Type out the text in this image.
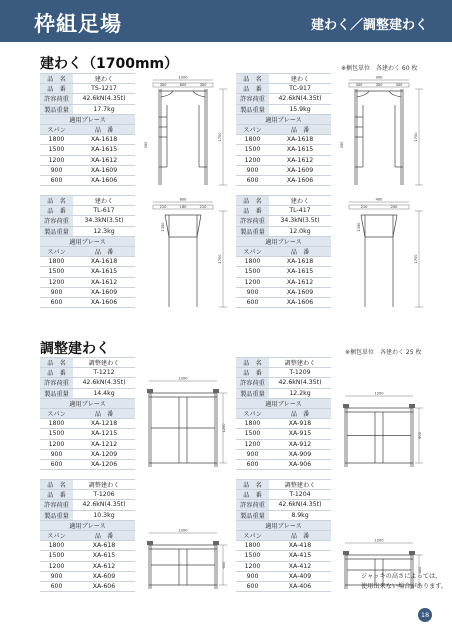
枠組足場	建わく／調整建わく
建わく（1700mm）	※梱包単位　各建わく 60 枚
調整建わく	※梱包単位　各建わく 25 枚
品　名	建わく
品　番	TS-1217
許容荷重	42.6kN(4.35t)
製品重量	17.7kg
適用ブレース	
スパン	品　番
1800	XA-1618
1500	XA-1615
1200	XA-1612
900	XA-1609
600	XA-1606
1200
300	600	300
1700
350
品　名	建わく
品　番	TC-917
許容荷重	42.6kN(4.35t)
製品重量	15.9kg
適用ブレース	
スパン	品　番
1800	XA-1618
1500	XA-1615
1200	XA-1612
900	XA-1609
600	XA-1606
900
300	300	300
1700
350
品　名	建わく
品　番	TL-617
許容荷重	34.3kN(3.5t)
製品重量	12.3kg
適用ブレース	
スパン	品　番
1800	XA-1618
1500	XA-1615
1200	XA-1612
900	XA-1609
600	XA-1606
600
210	180	210
1700
1350
品　名	建わく
品　番	TL-417
許容荷重	34.3kN(3.5t)
製品重量	12.0kg
適用ブレース	
スパン	品　番
1800	XA-1618
1500	XA-1615
1200	XA-1612
900	XA-1609
600	XA-1606
400
210	200
1700
1350
品　名	調整建わく
品　番	T-1212
許容荷重	42.6kN(4.35t)
製品重量	14.4kg
適用ブレース	
スパン	品　番
1800	XA-1218
1500	XA-1215
1200	XA-1212
900	XA-1209
600	XA-1206
1200
1200
品　名	調整建わく
品　番	T-1209
許容荷重	42.6kN(4.35t)
製品重量	12.2kg
適用ブレース	
スパン	品　番
1800	XA-918
1500	XA-915
1200	XA-912
900	XA-909
600	XA-906
1200
900
品　名	調整建わく
品　番	T-1206
許容荷重	42.6kN(4.35t)
製品重量	10.3kg
適用ブレース	
スパン	品　番
1800	XA-618
1500	XA-615
1200	XA-612
900	XA-609
600	XA-606
1200
600
品　名	調整建わく
品　番	T-1204
許容荷重	42.6kN(4.35t)
製品重量	8.9kg
適用ブレース	
スパン	品　番
1800	XA-418
1500	XA-415
1200	XA-412
900	XA-409
600	XA-406
1200
400
ジャッキの高さによっては、
使用出来ない場合があります。
18
